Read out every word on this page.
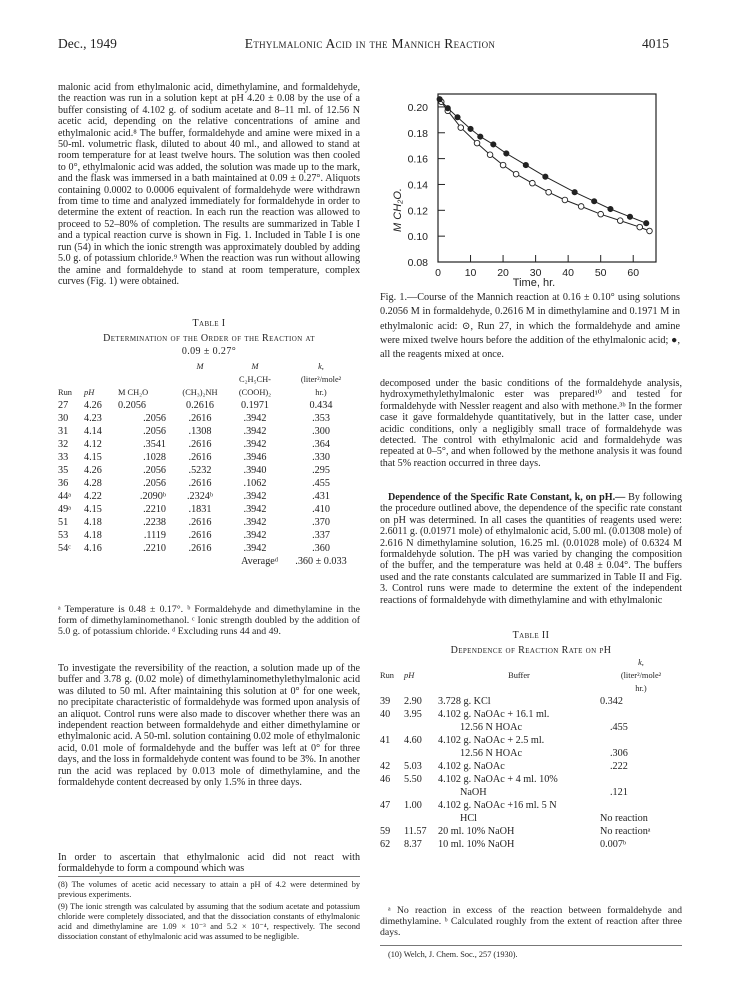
Dec., 1949	Ethylmalonic Acid in the Mannich Reaction	4015
malonic acid from ethylmalonic acid, dimethylamine, and formaldehyde, the reaction was run in a solution kept at pH 4.20 ± 0.08 by the use of a buffer consisting of 4.102 g. of sodium acetate and 8–11 ml. of 12.56 N acetic acid, depending on the relative concentrations of amine and ethylmalonic acid.⁸ The buffer, formaldehyde and amine were mixed in a 50-ml. volumetric flask, diluted to about 40 ml., and allowed to stand at room temperature for at least twelve hours. The solution was then cooled to 0°, ethylmalonic acid was added, the solution was made up to the mark, and the flask was immersed in a bath maintained at 0.09 ± 0.27°. Aliquots containing 0.0002 to 0.0006 equivalent of formaldehyde were withdrawn from time to time and analyzed immediately for formaldehyde in order to determine the extent of reaction. In each run the reaction was allowed to proceed to 52–80% of completion. The results are summarized in Table I and a typical reaction curve is shown in Fig. 1. Included in Table I is one run (54) in which the ionic strength was approximately doubled by adding 5.0 g. of potassium chloride.⁹ When the reaction was run without allowing the amine and formaldehyde to stand at room temperature, complex curves (Fig. 1) were obtained.
Table I
Determination of the Order of the Reaction at
0.09 ± 0.27°
			M	M	k,
				C₂H₅CH-	(liter²/mole²
Run	pH	M CH₂O	(CH₃)₂NH	(COOH)₂	hr.)
27	4.26	0.2056	0.2616	0.1971	0.434
30	4.23	.2056	.2616	.3942	.353
31	4.14	.2056	.1308	.3942	.300
32	4.12	.3541	.2616	.3942	.364
33	4.15	.1028	.2616	.3946	.330
35	4.26	.2056	.5232	.3940	.295
36	4.28	.2056	.2616	.1062	.455
44ᵃ	4.22	.2090ᵇ	.2324ᵇ	.3942	.431
49ᵃ	4.15	.2210	.1831	.3942	.410
51	4.18	.2238	.2616	.3942	.370
53	4.18	.1119	.2616	.3942	.337
54ᶜ	4.16	.2210	.2616	.3942	.360
				Averageᵈ	.360 ± 0.033
ᵃ Temperature is 0.48 ± 0.17°. ᵇ Formaldehyde and dimethylamine in the form of dimethylaminomethanol. ᶜ Ionic strength doubled by the addition of 5.0 g. of potassium chloride. ᵈ Excluding runs 44 and 49.
To investigate the reversibility of the reaction, a solution made up of the buffer and 3.78 g. (0.02 mole) of dimethylaminomethylethylmalonic acid was diluted to 50 ml. After maintaining this solution at 0° for one week, no precipitate characteristic of formaldehyde was formed upon analysis of an aliquot. Control runs were also made to discover whether there was an independent reaction between formaldehyde and either dimethylamine or ethylmalonic acid. A 50-ml. solution containing 0.02 mole of ethylmalonic acid, 0.01 mole of formaldehyde and the buffer was left at 0° for three days, and the loss in formaldehyde content was found to be 3%. In another run the acid was replaced by 0.013 mole of dimethylamine, and the formaldehyde content decreased by only 1.5% in three days.
In order to ascertain that ethylmalonic acid did not react with formaldehyde to form a compound which was
(8) The volumes of acetic acid necessary to attain a pH of 4.2 were determined by previous experiments.
(9) The ionic strength was calculated by assuming that the sodium acetate and potassium chloride were completely dissociated, and that the dissociation constants of ethylmalonic acid and dimethylamine are 1.09 × 10⁻³ and 5.2 × 10⁻⁴, respectively. The second dissociation constant of ethylmalonic acid was assumed to be negligible.
M CH₂O.
Time, hr.
0.08
0.10
0.12
0.14
0.16
0.18
0.20
0 10 20 30 40 50 60
Fig. 1.—Course of the Mannich reaction at 0.16 ± 0.10° using solutions 0.2056 M in formaldehyde, 0.2616 M in dimethylamine and 0.1971 M in ethylmalonic acid: ⊙, Run 27, in which the formaldehyde and amine were mixed twelve hours before the addition of the ethylmalonic acid; ●, all the reagents mixed at once.
decomposed under the basic conditions of the formaldehyde analysis, hydroxymethylethylmalonic ester was prepared¹⁰ and tested for formaldehyde with Nessler reagent and also with methone.³ᵇ In the former case it gave formaldehyde quantitatively, but in the latter case, under acidic conditions, only a negligibly small trace of formaldehyde was detected. The control with ethylmalonic acid and formaldehyde was repeated at 0–5°, and when followed by the methone analysis it was found that 5% reaction occurred in three days.
Dependence of the Specific Rate Constant, k, on pH.— By following the procedure outlined above, the dependence of the specific rate constant on pH was determined. In all cases the quantities of reagents used were: 2.6011 g. (0.01971 mole) of ethylmalonic acid, 5.00 ml. (0.01308 mole) of 2.616 N dimethylamine solution, 16.25 ml. (0.01028 mole) of 0.6324 M formaldehyde solution. The pH was varied by changing the composition of the buffer, and the temperature was held at 0.48 ± 0.04°. The buffers used and the rate constants calculated are summarized in Table II and Fig. 3. Control runs were made to determine the extent of the independent reactions of formaldehyde with dimethylamine and with ethylmalonic
Table II
Dependence of Reaction Rate on pH
			k,
Run	pH	Buffer	(liter²/mole²
			hr.)
39	2.90	3.728 g. KCl	0.342
40	3.95	4.102 g. NaOAc + 16.1 ml.	
		12.56 N HOAc	.455
41	4.60	4.102 g. NaOAc + 2.5 ml.	
		12.56 N HOAc	.306
42	5.03	4.102 g. NaOAc	.222
46	5.50	4.102 g. NaOAc + 4 ml. 10%	
		NaOH	.121
47	1.00	4.102 g. NaOAc +16 ml. 5 N	
		HCl	No reaction
59	11.57	20 ml. 10% NaOH	No reactionᵃ
62	8.37	10 ml. 10% NaOH	0.007ᵇ
ᵃ No reaction in excess of the reaction between formaldehyde and dimethylamine. ᵇ Calculated roughly from the extent of reaction after three days.
(10) Welch, J. Chem. Soc., 257 (1930).
